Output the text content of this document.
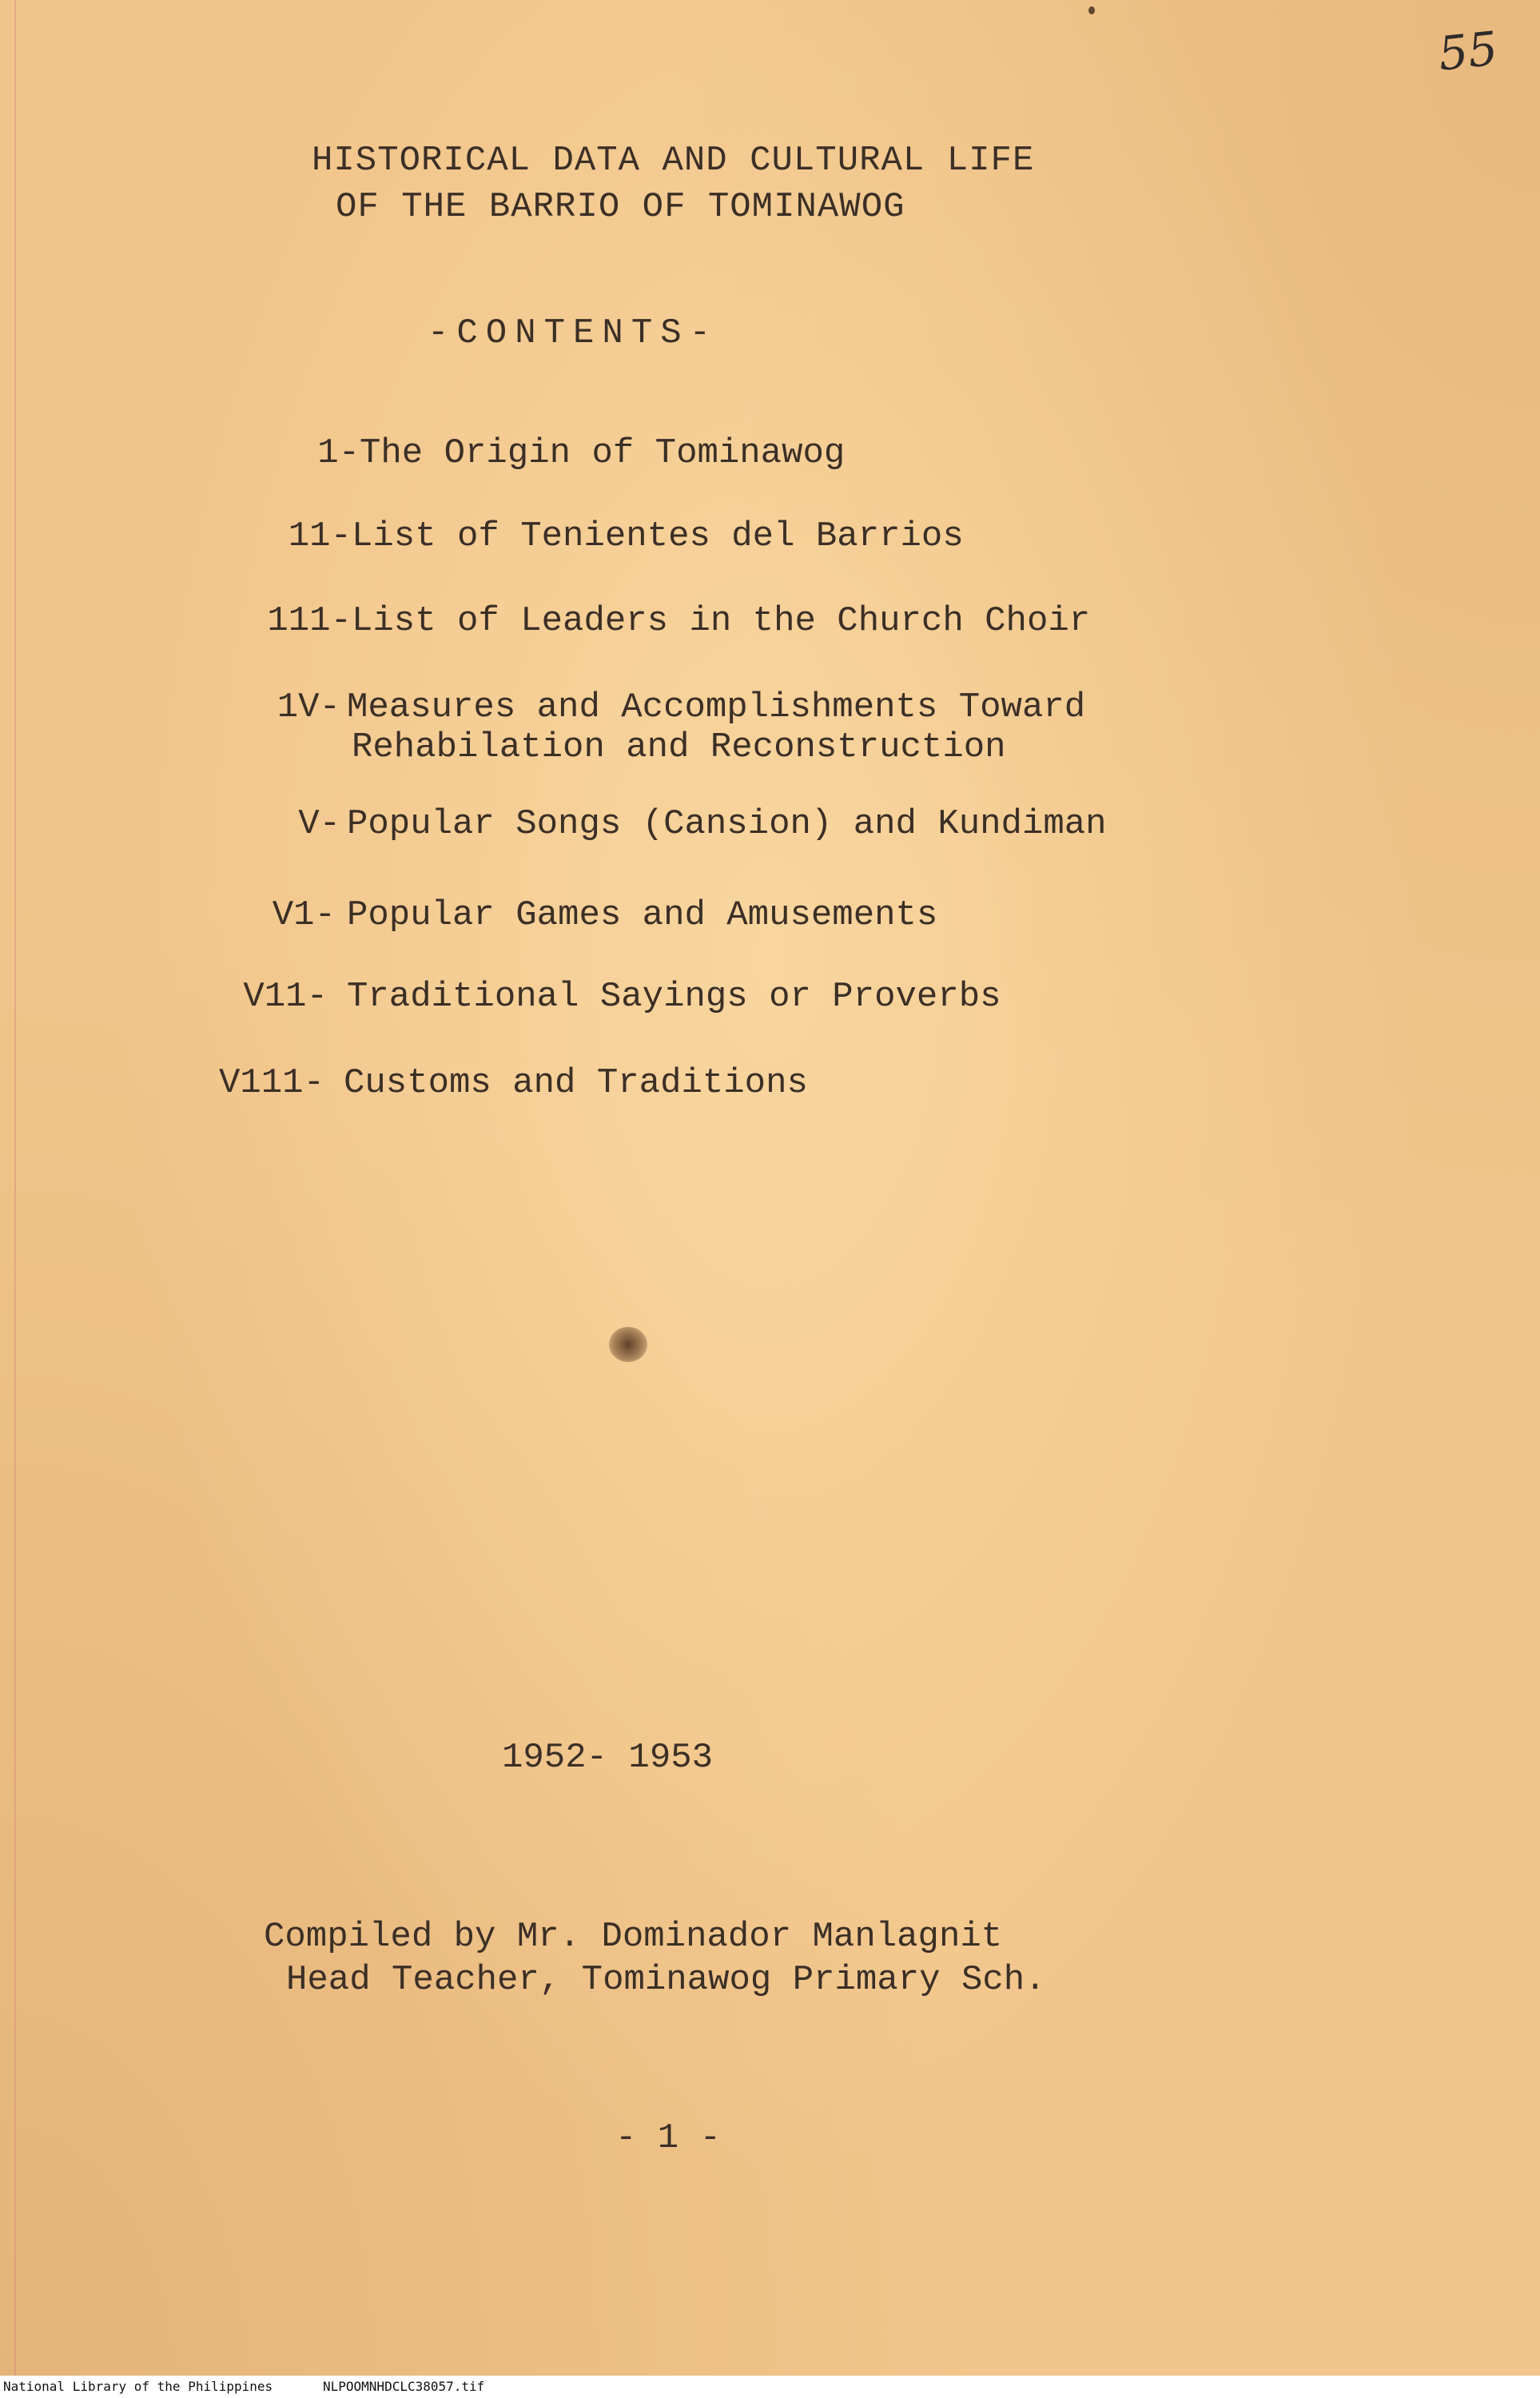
55
HISTORICAL DATA AND CULTURAL LIFE
OF THE BARRIO OF TOMINAWOG
-CONTENTS-
1- The Origin of Tominawog
11- List of Tenientes del Barrios
111- List of Leaders in the Church Choir
1V- Measures and Accomplishments Toward
Rehabilation and Reconstruction
V- Popular Songs (Cansion) and Kundiman
V1- Popular Games and Amusements
V11- Traditional Sayings or Proverbs
V111- Customs and Traditions
1952- 1953
Compiled by Mr. Dominador Manlagnit
Head Teacher, Tominawog Primary Sch.
- 1 -
National Library of the Philippines	NLPOOMNHDCLC38057.tif
